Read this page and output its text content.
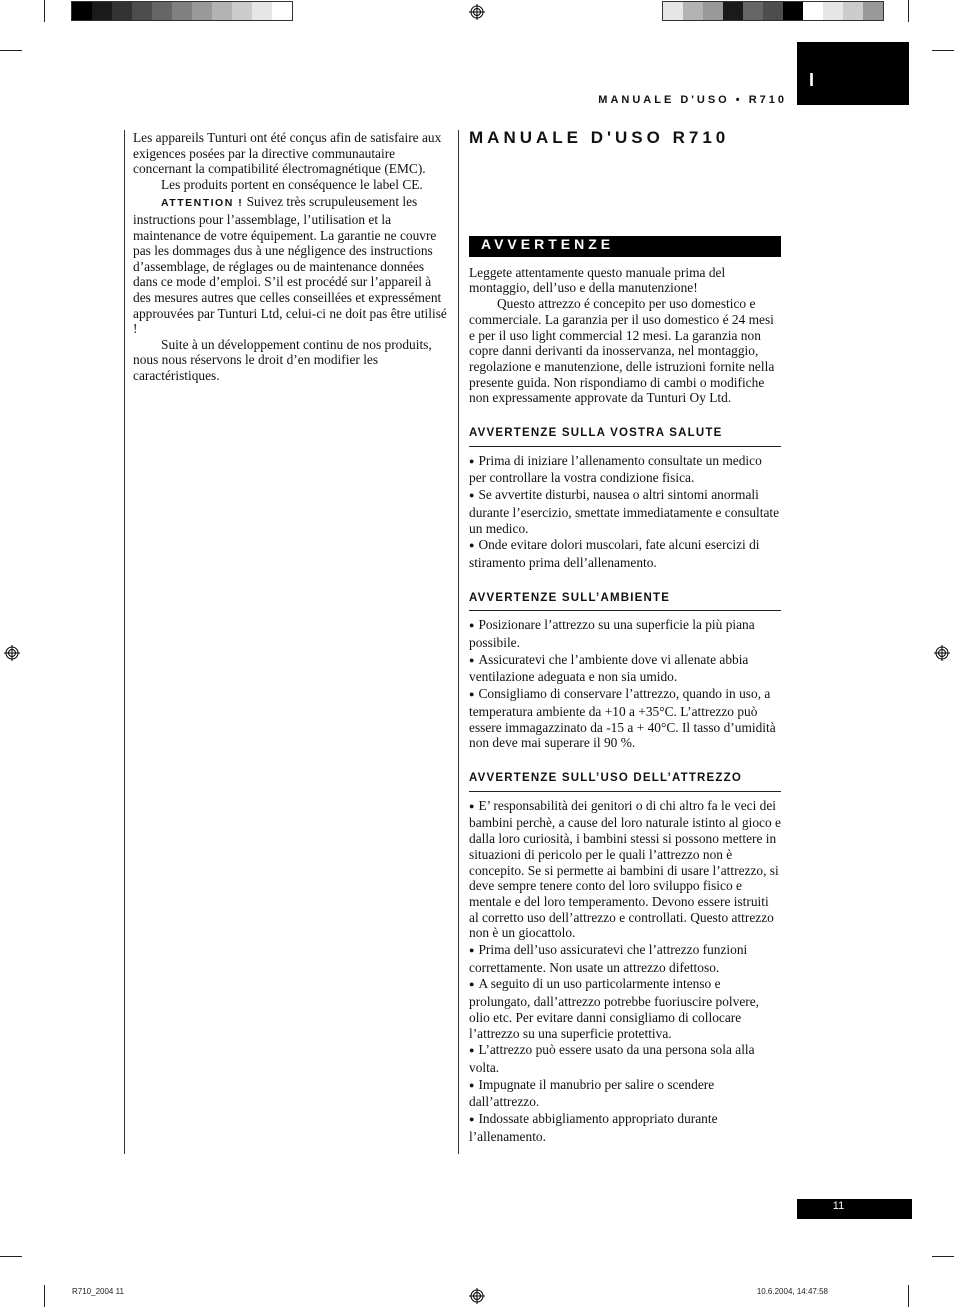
I
MANUALE D'USO • R710

Les appareils Tunturi ont été conçus afin de satisfaire aux exigences posées par la directive communautaire concernant la compatibilité électromagnétique (EMC).

Les produits portent en conséquence le label CE.

ATTENTION ! Suivez très scrupuleusement les instructions pour l’assemblage, l’utilisation et la maintenance de votre équipement. La garantie ne couvre pas les dommages dus à une négligence des instructions d’assemblage, de réglages ou de maintenance données dans ce mode d’emploi. S’il est procédé sur l’appareil à des mesures autres que celles conseillées et expressément approuvées par Tunturi Ltd, celui-ci ne doit pas être utilisé !

Suite à un développement continu de nos produits, nous nous réservons le droit d’en modifier les caractéristiques.

MANUALE D'USO R710
AVVERTENZE

Leggete attentamente questo manuale prima del montaggio, dell’uso e della manutenzione!

Questo attrezzo é concepito per uso domestico e commerciale. La garanzia per il uso domestico é 24 mesi e per il uso light commercial 12 mesi. La garanzia non copre danni derivanti da inosservanza, nel montaggio, regolazione e manutenzione, delle istruzioni fornite nella presente guida. Non rispondiamo di cambi o modifiche non expressamente approvate da Tunturi Oy Ltd.

AVVERTENZE SULLA VOSTRA SALUTE

● Prima di iniziare l’allenamento consultate un medico per controllare la vostra condizione fisica.

● Se avvertite disturbi, nausea o altri sintomi anormali durante l’esercizio, smettate immediatamente e consultate un medico.

● Onde evitare dolori muscolari, fate alcuni esercizi di stiramento prima dell’allenamento.

AVVERTENZE SULL’AMBIENTE

● Posizionare l’attrezzo su una superficie la più piana possibile.

● Assicuratevi che l’ambiente dove vi allenate abbia ventilazione adeguata e non sia umido.

● Consigliamo di conservare l’attrezzo, quando in uso, a temperatura ambiente da +10 a +35°C. L’attrezzo può essere immagazzinato da -15 a + 40°C. Il tasso d’umidità non deve mai superare il 90 %.

AVVERTENZE SULL’USO DELL’ATTREZZO

● E’ responsabilità dei genitori o di chi altro fa le veci dei bambini perchè, a cause del loro naturale istinto al gioco e dalla loro curiosità, i bambini stessi si possono mettere in situazioni di pericolo per le quali l’attrezzo non è concepito. Se si permette ai bambini di usare l’attrezzo, si deve sempre tenere conto del loro sviluppo fisico e mentale e del loro temperamento. Devono essere istruiti al corretto uso dell’attrezzo e controllati. Questo attrezzo non è un giocattolo.

● Prima dell’uso assicuratevi che l’attrezzo funzioni correttamente. Non usate un attrezzo difettoso.

● A seguito di un uso particolarmente intenso e prolungato, dall’attrezzo potrebbe fuoriuscire polvere, olio etc. Per evitare danni consigliamo di collocare l’attrezzo su una superficie protettiva.

● L’attrezzo può essere usato da una persona sola alla volta.

● Impugnate il manubrio per salire o scendere dall’attrezzo.

● Indossate abbigliamento appropriato durante l’allenamento.

11
R710_2004 11	10.6.2004, 14:47:58
